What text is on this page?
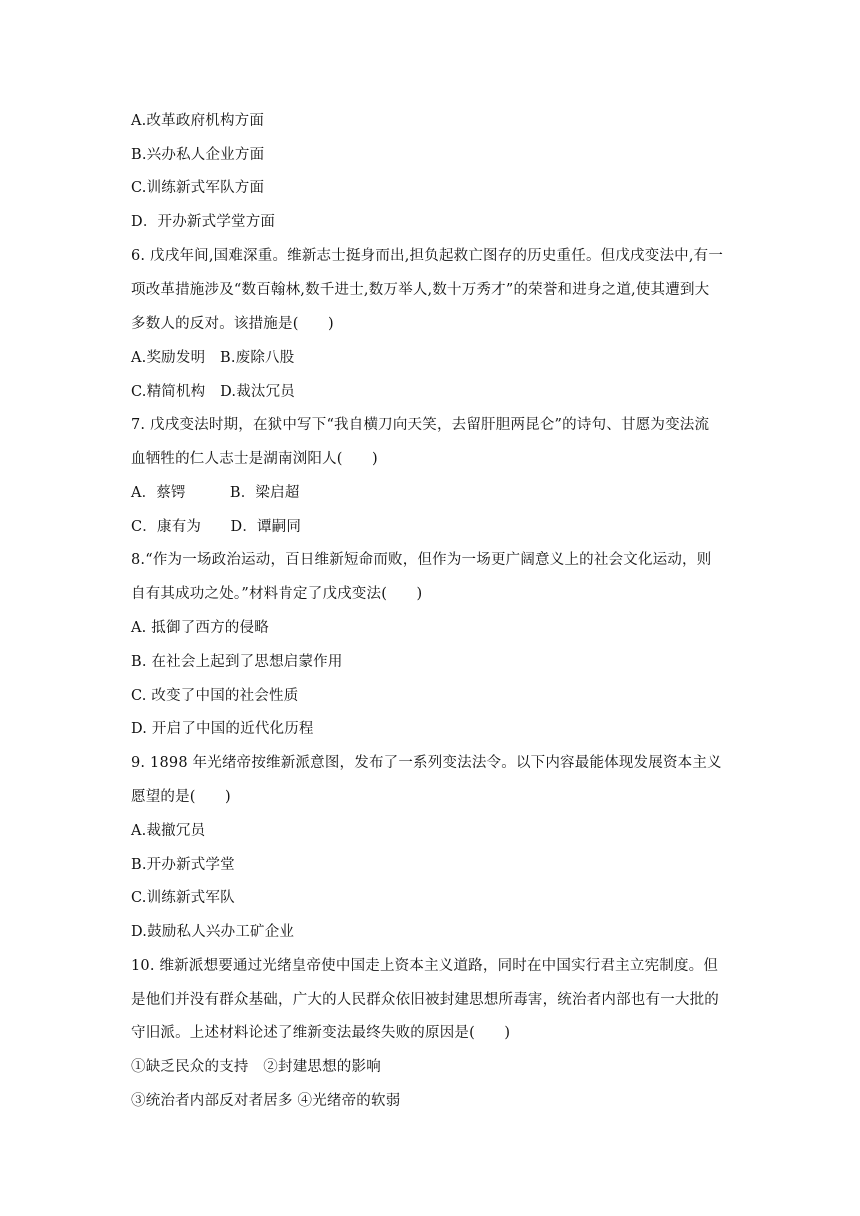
A.改革政府机构方面
B.兴办私人企业方面
C.训练新式军队方面
D．开办新式学堂方面
6. 戊戌年间,国难深重。维新志士挺身而出,担负起救亡图存的历史重任。但戊戌变法中,有一
项改革措施涉及“数百翰林,数千进士,数万举人,数十万秀才”的荣誉和进身之道,使其遭到大
多数人的反对。该措施是(　　)
A.奖励发明　B.废除八股
C.精简机构　D.裁汰冗员
7. 戊戌变法时期，在狱中写下“我自横刀向天笑，去留肝胆两昆仑”的诗句、甘愿为变法流
血牺牲的仁人志士是湖南浏阳人(　　)
A．蔡锷　　　B．梁启超
C．康有为　　D．谭嗣同
8.“作为一场政治运动，百日维新短命而败，但作为一场更广阔意义上的社会文化运动，则
自有其成功之处。”材料肯定了戊戌变法(　　)
A. 抵御了西方的侵略
B. 在社会上起到了思想启蒙作用
C. 改变了中国的社会性质
D. 开启了中国的近代化历程
9. 1898 年光绪帝按维新派意图，发布了一系列变法法令。以下内容最能体现发展资本主义
愿望的是(　　)
A.裁撤冗员
B.开办新式学堂
C.训练新式军队
D.鼓励私人兴办工矿企业
10. 维新派想要通过光绪皇帝使中国走上资本主义道路，同时在中国实行君主立宪制度。但
是他们并没有群众基础，广大的人民群众依旧被封建思想所毒害，统治者内部也有一大批的
守旧派。上述材料论述了维新变法最终失败的原因是(　　)
①缺乏民众的支持　②封建思想的影响
③统治者内部反对者居多 ④光绪帝的软弱
